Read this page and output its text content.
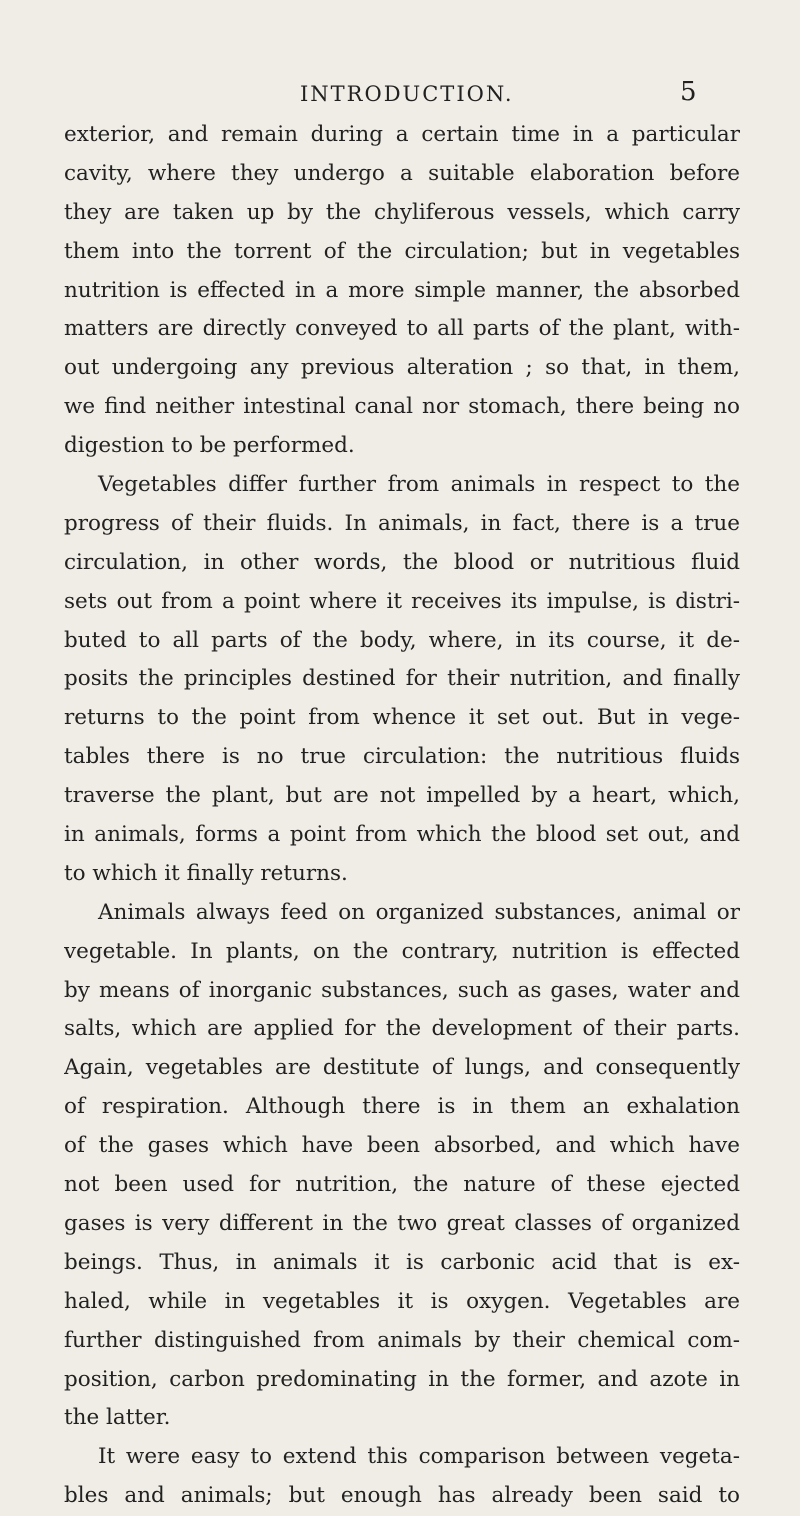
INTRODUCTION.	5
exterior, and remain during a certain time in a particular
cavity, where they undergo a suitable elaboration before
they are taken up by the chyliferous vessels, which carry
them into the torrent of the circulation; but in vegetables
nutrition is effected in a more simple manner, the absorbed
matters are directly conveyed to all parts of the plant, with-
out undergoing any previous alteration ; so that, in them,
we find neither intestinal canal nor stomach, there being no
digestion to be performed.
Vegetables differ further from animals in respect to the
progress of their fluids. In animals, in fact, there is a true
circulation, in other words, the blood or nutritious fluid
sets out from a point where it receives its impulse, is distri-
buted to all parts of the body, where, in its course, it de-
posits the principles destined for their nutrition, and finally
returns to the point from whence it set out. But in vege-
tables there is no true circulation: the nutritious fluids
traverse the plant, but are not impelled by a heart, which,
in animals, forms a point from which the blood set out, and
to which it finally returns.
Animals always feed on organized substances, animal or
vegetable. In plants, on the contrary, nutrition is effected
by means of inorganic substances, such as gases, water and
salts, which are applied for the development of their parts.
Again, vegetables are destitute of lungs, and consequently
of respiration. Although there is in them an exhalation
of the gases which have been absorbed, and which have
not been used for nutrition, the nature of these ejected
gases is very different in the two great classes of organized
beings. Thus, in animals it is carbonic acid that is ex-
haled, while in vegetables it is oxygen. Vegetables are
further distinguished from animals by their chemical com-
position, carbon predominating in the former, and azote in
the latter.
It were easy to extend this comparison between vegeta-
bles and animals; but enough has already been said to
